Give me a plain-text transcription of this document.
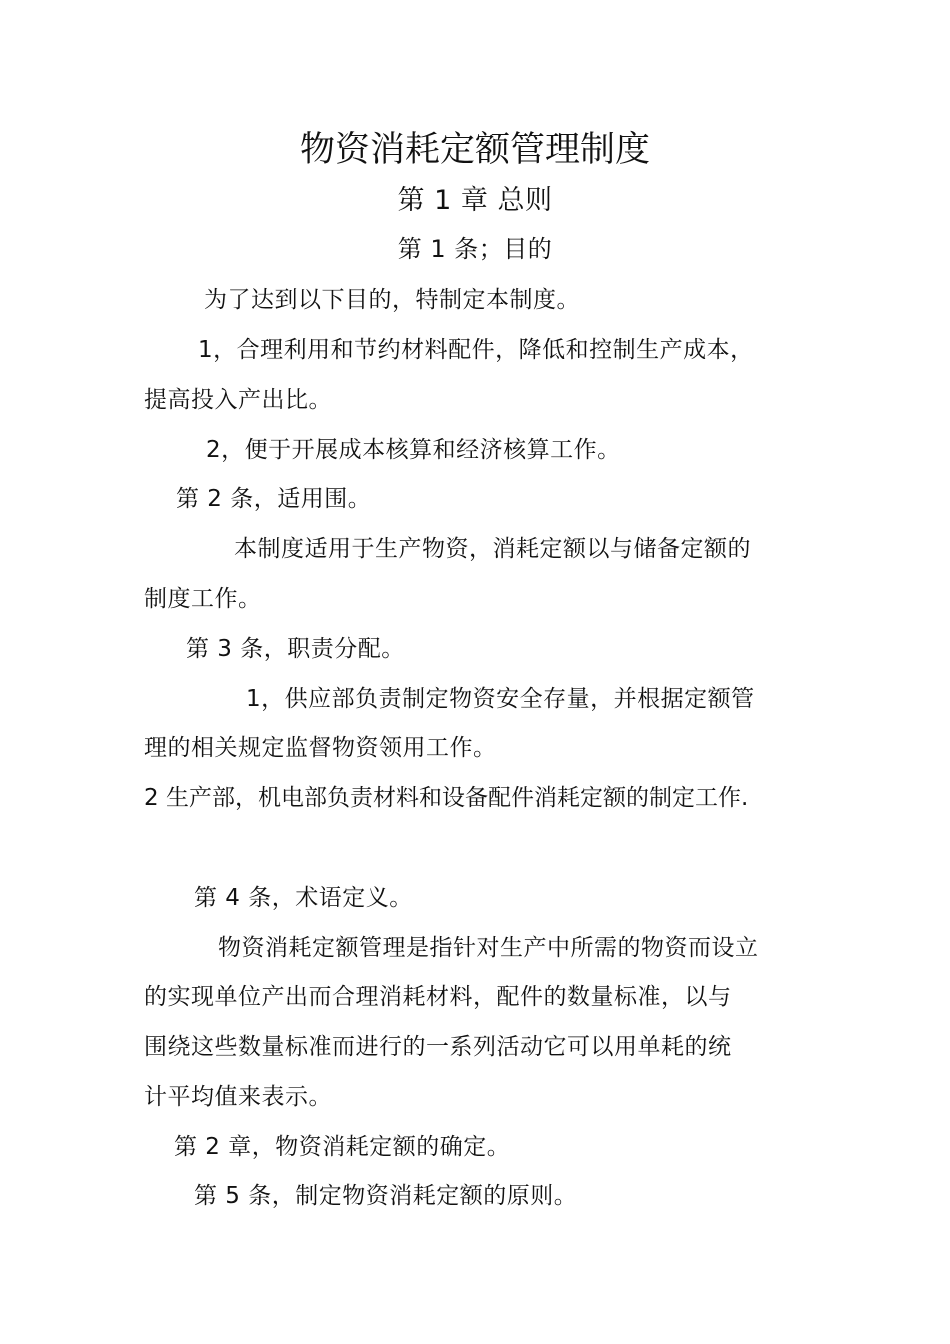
物资消耗定额管理制度
第 1 章 总则
第 1 条；目的
为了达到以下目的，特制定本制度。
1，合理利用和节约材料配件，降低和控制生产成本，
提高投入产出比。
2，便于开展成本核算和经济核算工作。
第 2 条，适用围。
本制度适用于生产物资，消耗定额以与储备定额的
制度工作。
第 3 条，职责分配。
1，供应部负责制定物资安全存量，并根据定额管
理的相关规定监督物资领用工作。
2 生产部，机电部负责材料和设备配件消耗定额的制定工作.
第 4 条，术语定义。
物资消耗定额管理是指针对生产中所需的物资而设立
的实现单位产出而合理消耗材料，配件的数量标准，以与
围绕这些数量标准而进行的一系列活动它可以用单耗的统
计平均值来表示。
第 2 章，物资消耗定额的确定。
第 5 条，制定物资消耗定额的原则。
